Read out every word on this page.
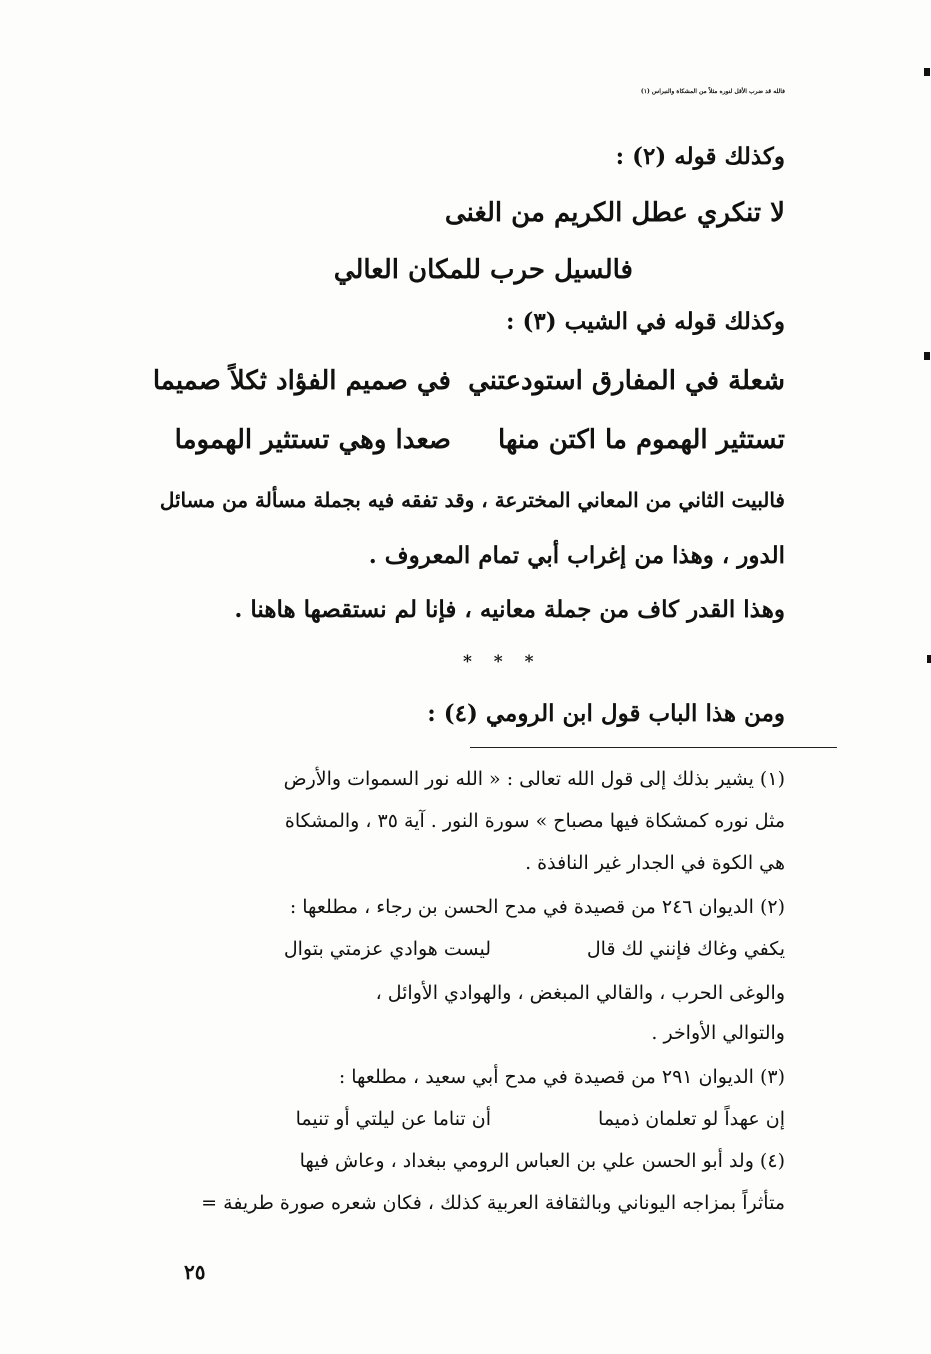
فالله قد ضرب الأقل لنوره مثلاً من المشكاة والنبراس (١)
وكذلك قوله (٢) :
لا تنكري عطل الكريم من الغنى
فالسيل حرب للمكان العالي
وكذلك قوله في الشيب (٣) :
شعلة في المفارق استودعتني
في صميم الفؤاد ثكلاً صميما
تستثير الهموم ما اكتن منها
صعدا وهي تستثير الهموما
فالبيت الثاني من المعاني المخترعة ، وقد تفقه فيه بجملة مسألة من مسائل
الدور ، وهذا من إغراب أبي تمام المعروف .
وهذا القدر كاف من جملة معانيه ، فإنا لم نستقصها هاهنا .
* * *
ومن هذا الباب قول ابن الرومي (٤) :
(١) يشير بذلك إلى قول الله تعالى : « الله نور السموات والأرض
مثل نوره كمشكاة فيها مصباح » سورة النور . آية ٣٥ ، والمشكاة
هي الكوة في الجدار غير النافذة .
(٢) الديوان ٢٤٦ من قصيدة في مدح الحسن بن رجاء ، مطلعها :
يكفي وغاك فإنني لك قال
ليست هوادي عزمتي بتوال
والوغى الحرب ، والقالي المبغض ، والهوادي الأوائل ،
والتوالي الأواخر .
(٣) الديوان ٢٩١ من قصيدة في مدح أبي سعيد ، مطلعها :
إن عهداً لو تعلمان ذميما
أن تناما عن ليلتي أو تنيما
(٤) ولد أبو الحسن علي بن العباس الرومي ببغداد ، وعاش فيها
متأثراً بمزاجه اليوناني وبالثقافة العربية كذلك ، فكان شعره صورة طريفة =
٢٥
